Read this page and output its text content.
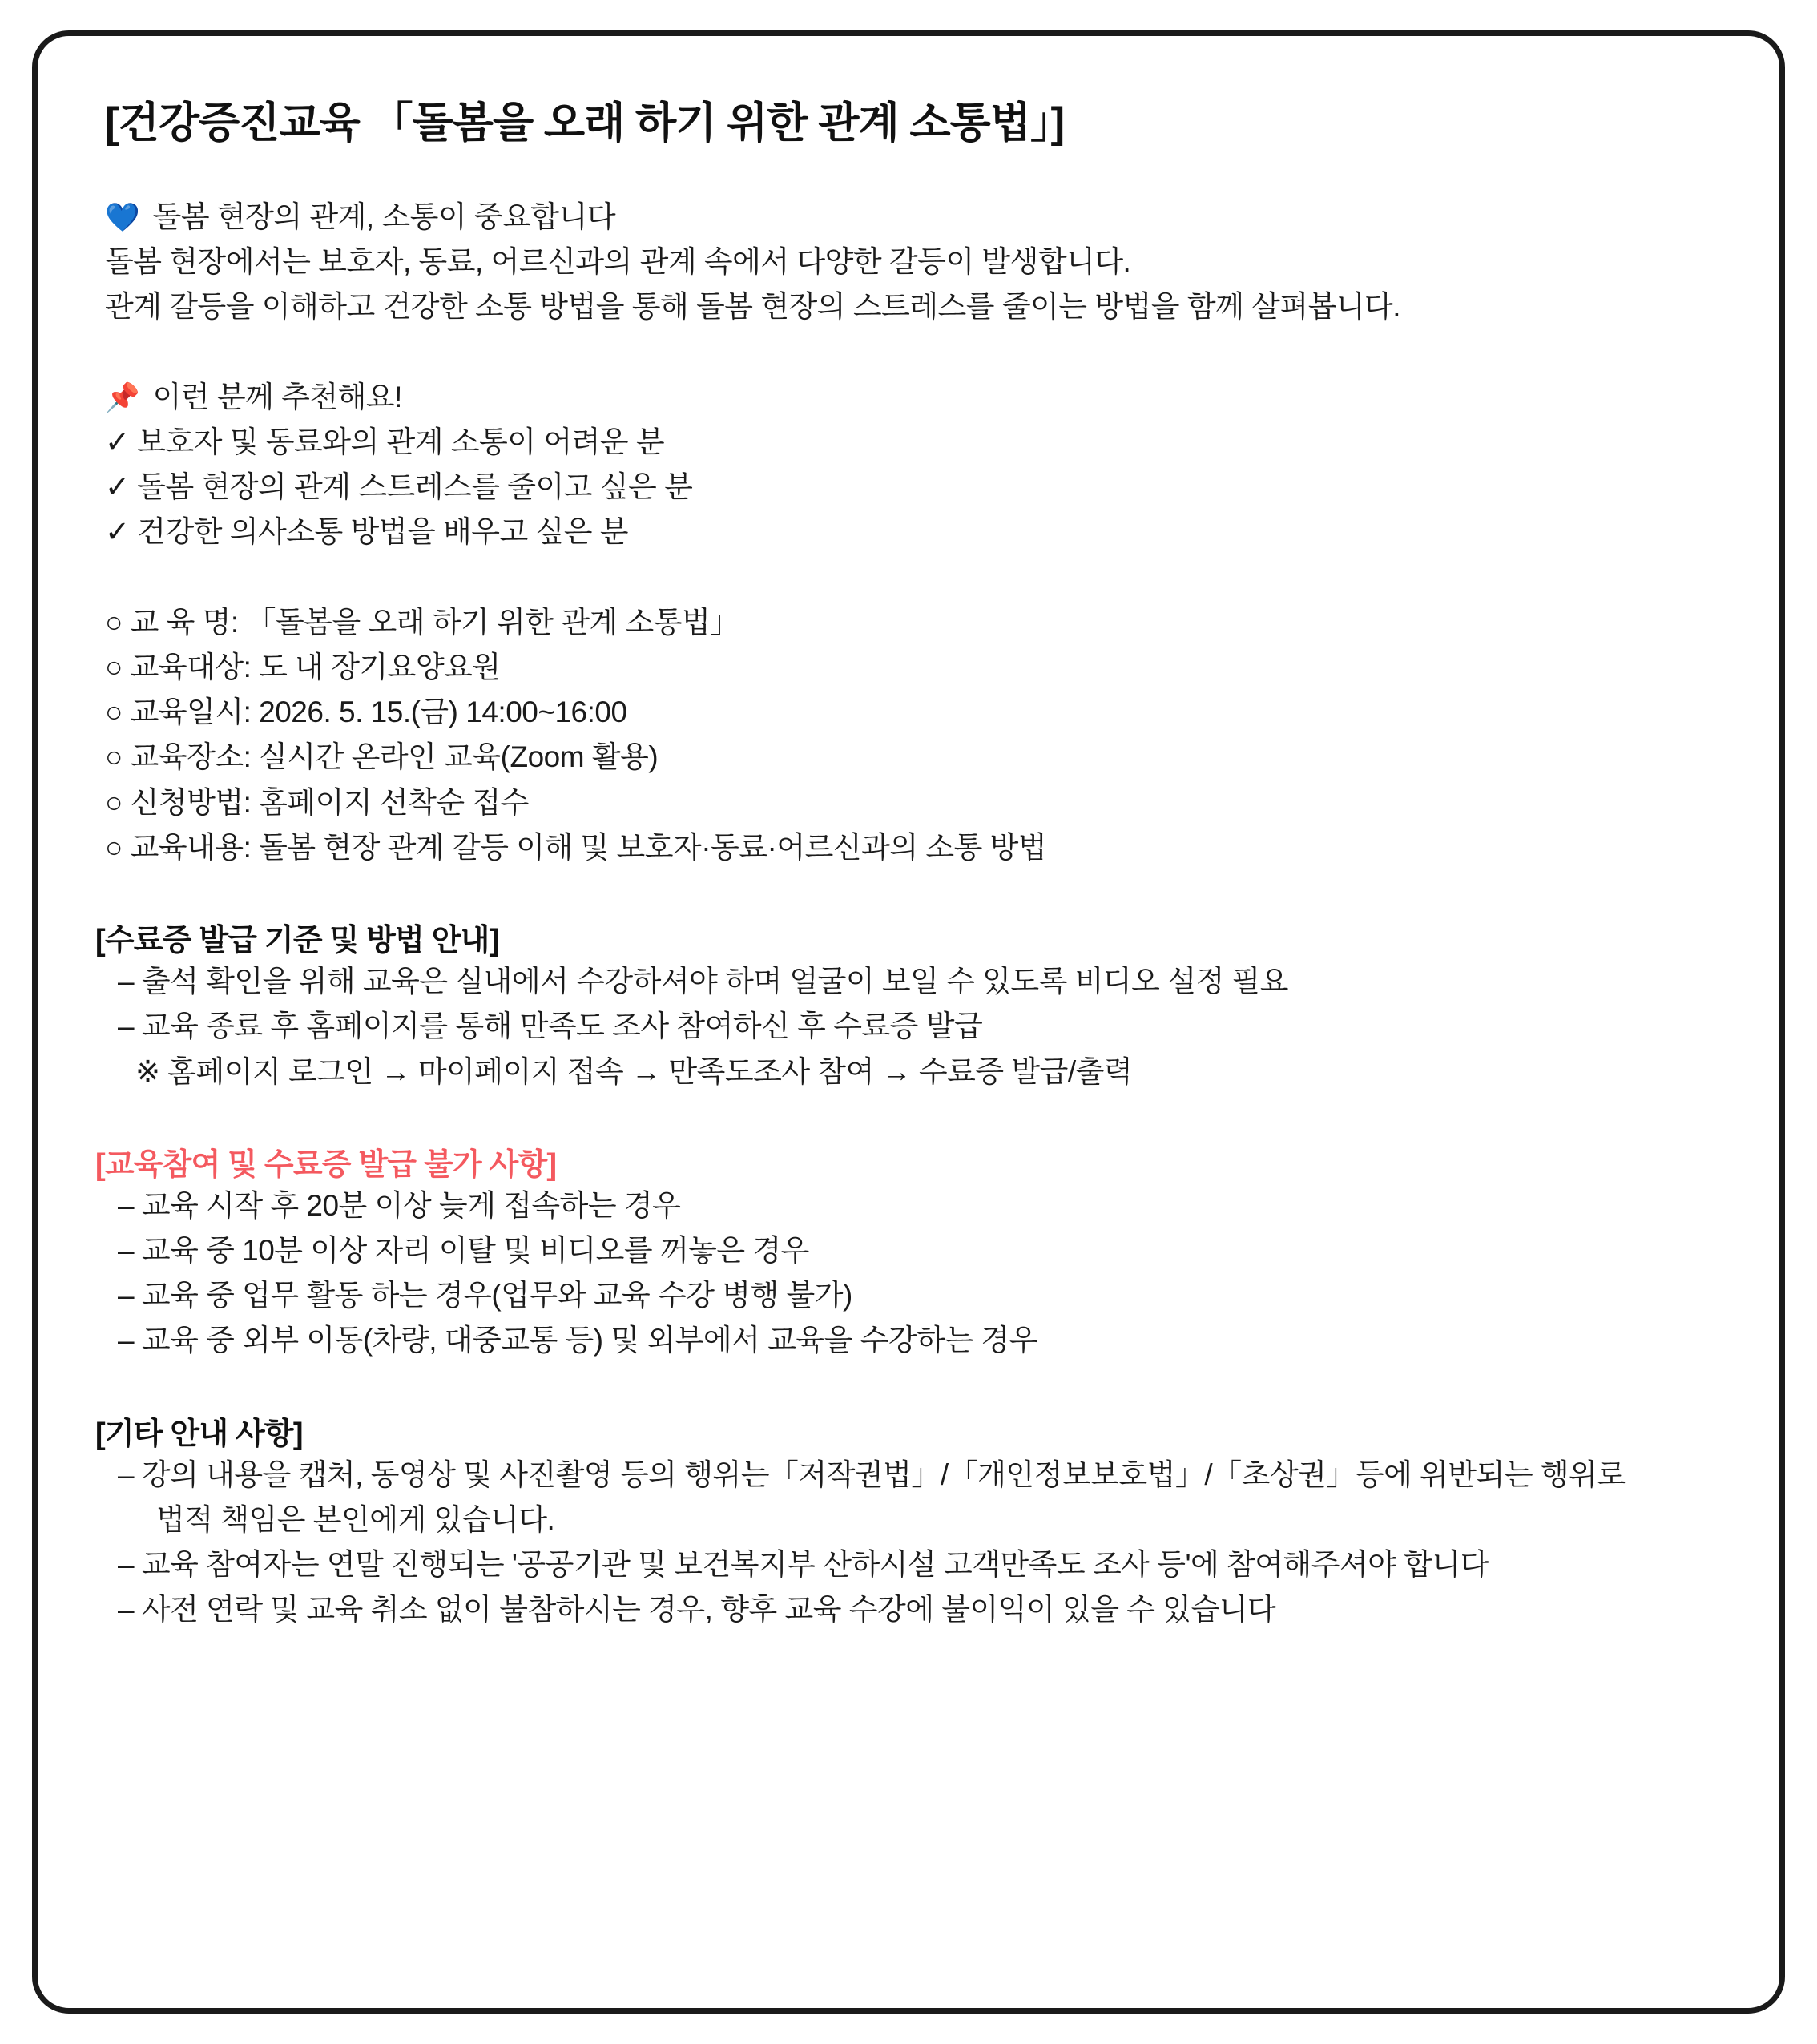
[건강증진교육 「돌봄을 오래 하기 위한 관계 소통법」]
💙 돌봄 현장의 관계, 소통이 중요합니다
돌봄 현장에서는 보호자, 동료, 어르신과의 관계 속에서 다양한 갈등이 발생합니다.
관계 갈등을 이해하고 건강한 소통 방법을 통해 돌봄 현장의 스트레스를 줄이는 방법을 함께 살펴봅니다.
📌 이런 분께 추천해요!
✓ 보호자 및 동료와의 관계 소통이 어려운 분
✓ 돌봄 현장의 관계 스트레스를 줄이고 싶은 분
✓ 건강한 의사소통 방법을 배우고 싶은 분
○ 교 육 명: 「돌봄을 오래 하기 위한 관계 소통법」
○ 교육대상: 도 내 장기요양요원
○ 교육일시: 2026. 5. 15.(금) 14:00~16:00
○ 교육장소: 실시간 온라인 교육(Zoom 활용)
○ 신청방법: 홈페이지 선착순 접수
○ 교육내용: 돌봄 현장 관계 갈등 이해 및 보호자·동료·어르신과의 소통 방법
[수료증 발급 기준 및 방법 안내]
– 출석 확인을 위해 교육은 실내에서 수강하셔야 하며 얼굴이 보일 수 있도록 비디오 설정 필요
– 교육 종료 후 홈페이지를 통해 만족도 조사 참여하신 후 수료증 발급
※ 홈페이지 로그인 → 마이페이지 접속 → 만족도조사 참여 → 수료증 발급/출력
[교육참여 및 수료증 발급 불가 사항]
– 교육 시작 후 20분 이상 늦게 접속하는 경우
– 교육 중 10분 이상 자리 이탈 및 비디오를 꺼놓은 경우
– 교육 중 업무 활동 하는 경우(업무와 교육 수강 병행 불가)
– 교육 중 외부 이동(차량, 대중교통 등) 및 외부에서 교육을 수강하는 경우
[기타 안내 사항]
– 강의 내용을 캡처, 동영상 및 사진촬영 등의 행위는「저작권법」/「개인정보보호법」/「초상권」등에 위반되는 행위로
법적 책임은 본인에게 있습니다.
– 교육 참여자는 연말 진행되는 '공공기관 및 보건복지부 산하시설 고객만족도 조사 등'에 참여해주셔야 합니다
– 사전 연락 및 교육 취소 없이 불참하시는 경우, 향후 교육 수강에 불이익이 있을 수 있습니다
